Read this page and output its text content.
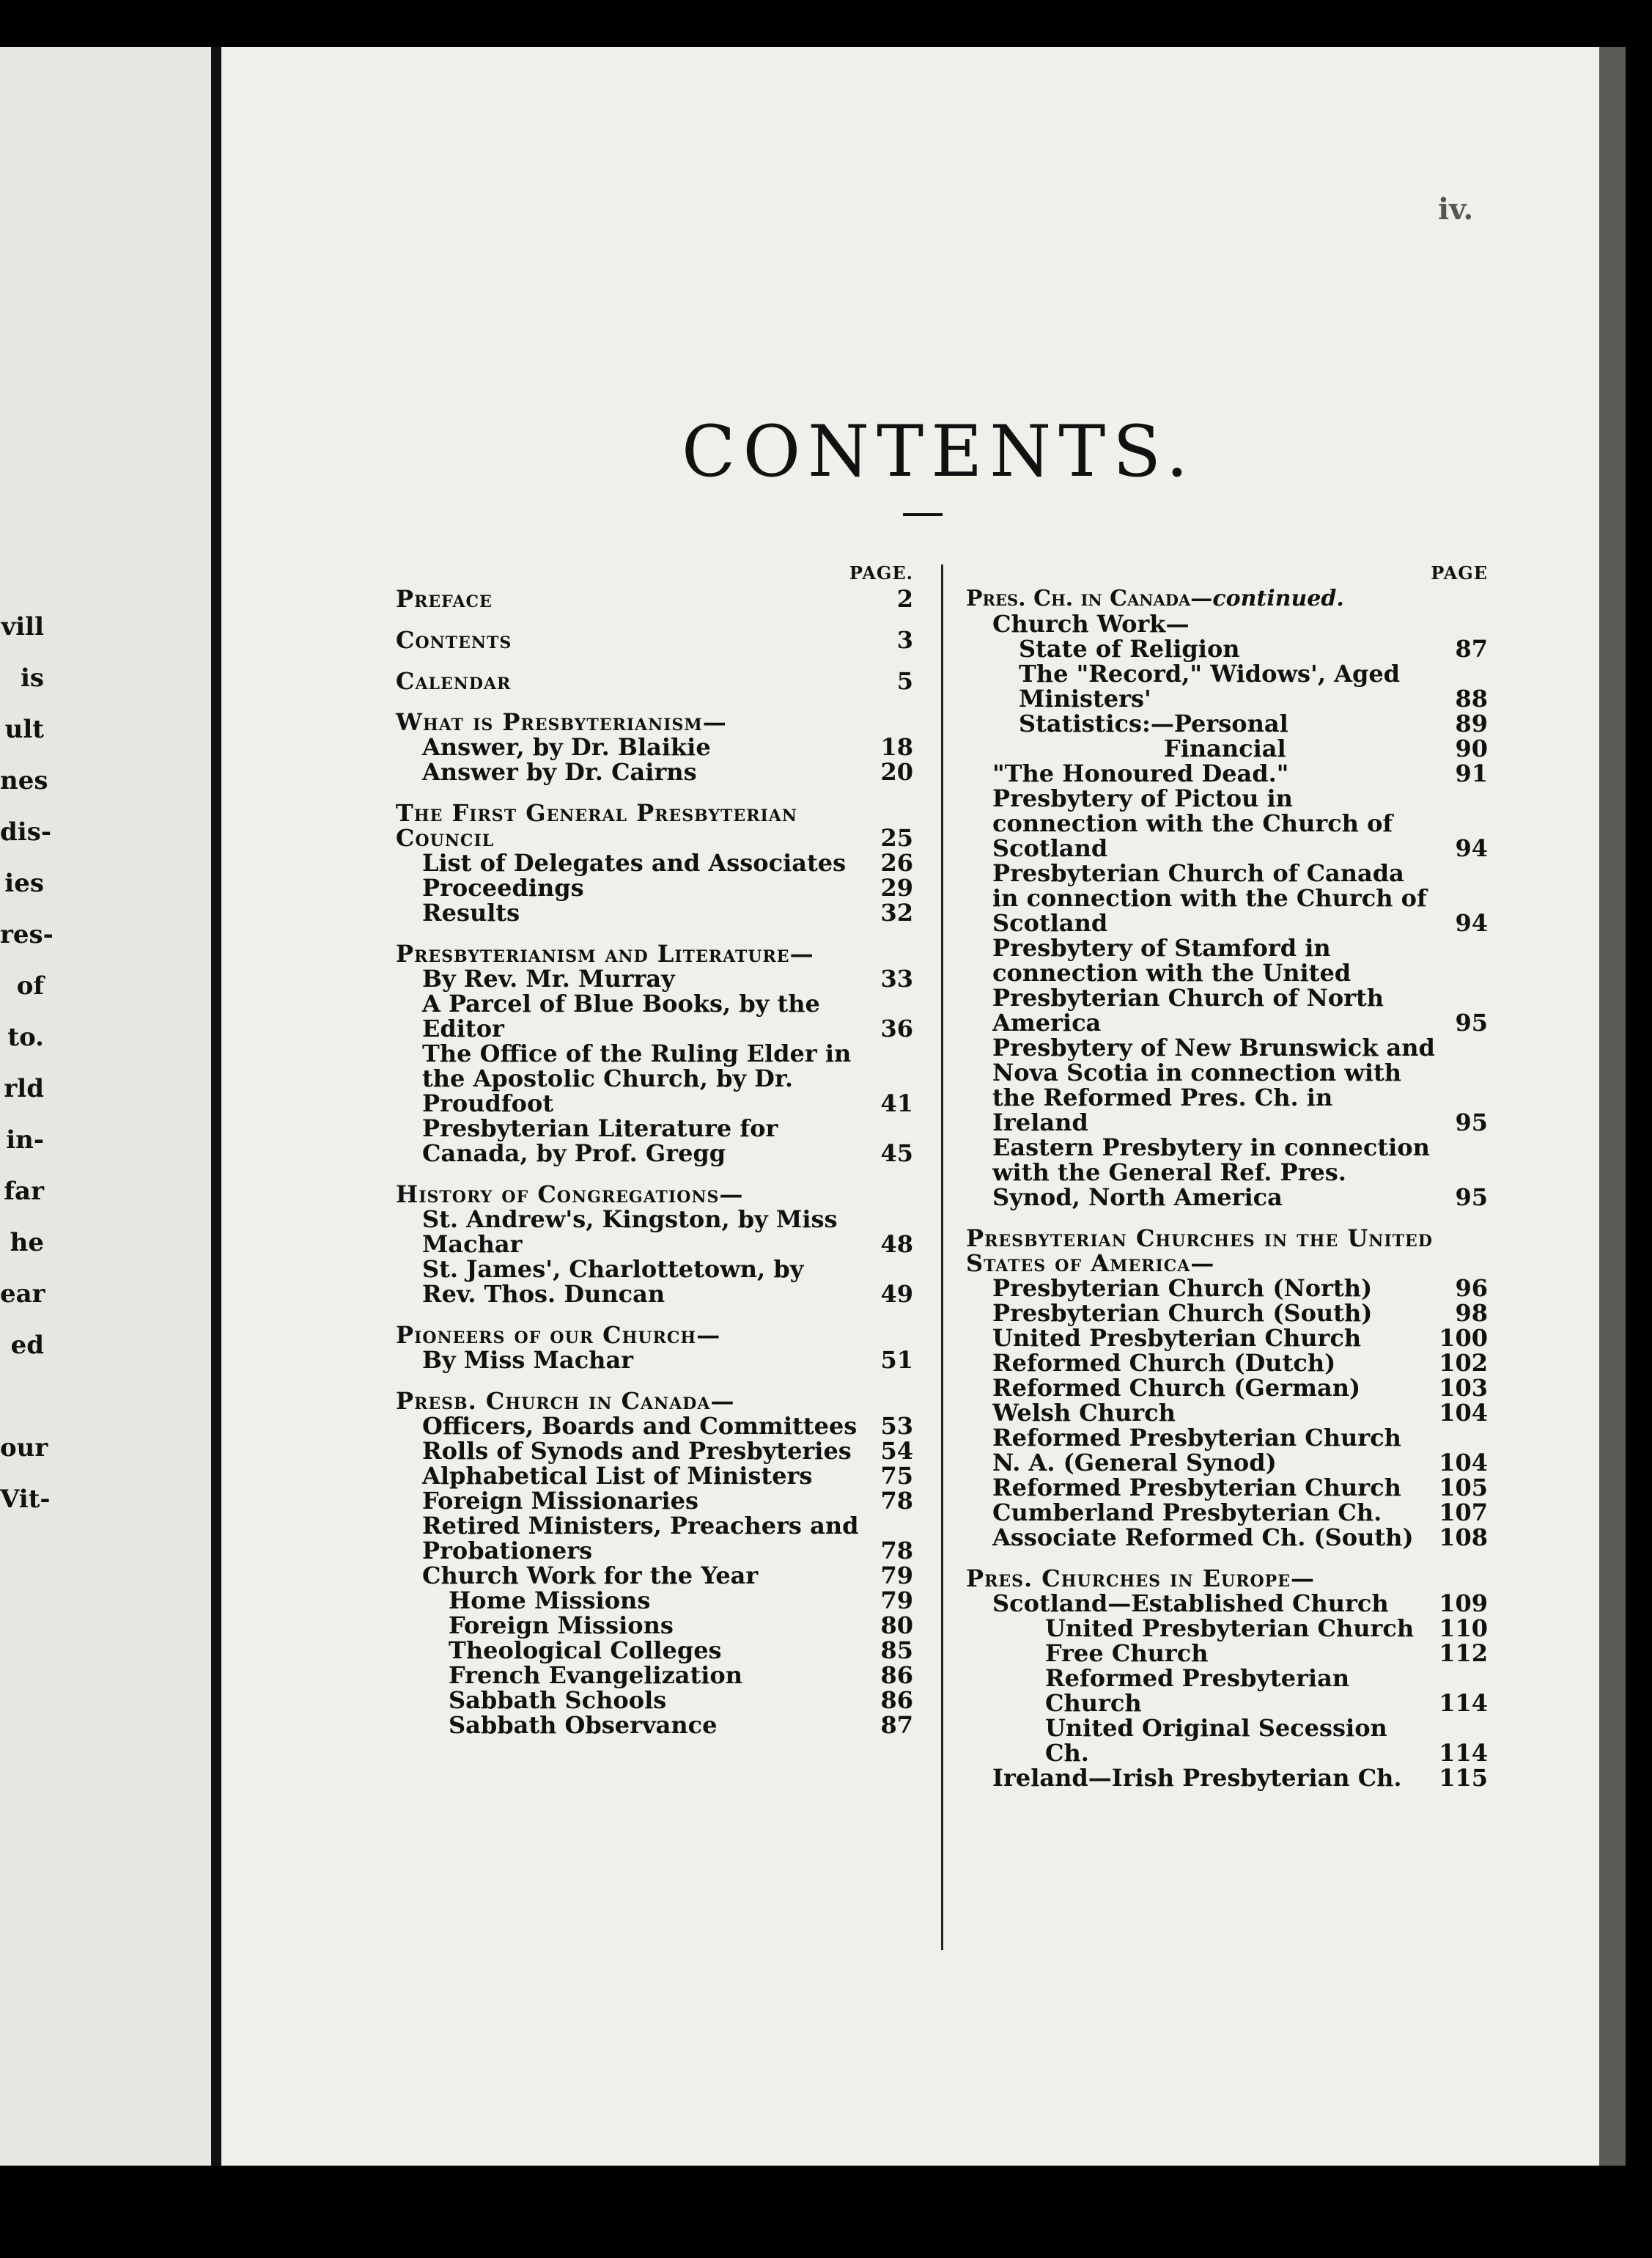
vill
is
ult
nes
dis-
ies
res-
of
to.
rld
in-
far
he
ear
ed
our
Vit-
iv.
CONTENTS.
PAGE.
Preface	2
Contents	3
Calendar	5
What is Presbyterianism—
Answer, by Dr. Blaikie	18
Answer by Dr. Cairns	20
The First General Presbyterian Council	25
List of Delegates and Associates	26
Proceedings	29
Results	32
Presbyterianism and Literature—
By Rev. Mr. Murray	33
A Parcel of Blue Books, by the Editor	36
The Office of the Ruling Elder in the Apostolic Church, by Dr. Proudfoot	41
Presbyterian Literature for Canada, by Prof. Gregg	45
History of Congregations—
St. Andrew's, Kingston, by Miss Machar	48
St. James', Charlottetown, by Rev. Thos. Duncan	49
Pioneers of our Church—
By Miss Machar	51
Presb. Church in Canada—
Officers, Boards and Committees	53
Rolls of Synods and Presbyteries	54
Alphabetical List of Ministers	75
Foreign Missionaries	78
Retired Ministers, Preachers and Probationers	78
Church Work for the Year	79
Home Missions	79
Foreign Missions	80
Theological Colleges	85
French Evangelization	86
Sabbath Schools	86
Sabbath Observance	87
PAGE
Pres. Ch. in Canada—continued.
Church Work—
State of Religion	87
The "Record," Widows', Aged Ministers'	88
Statistics:—Personal	89
Financial	90
"The Honoured Dead."	91
Presbytery of Pictou in connection with the Church of Scotland	94
Presbyterian Church of Canada in connection with the Church of Scotland	94
Presbytery of Stamford in connection with the United Presbyterian Church of North America	95
Presbytery of New Brunswick and Nova Scotia in connection with the Reformed Pres. Ch. in Ireland	95
Eastern Presbytery in connection with the General Ref. Pres. Synod, North America	95
Presbyterian Churches in the United States of America—
Presbyterian Church (North)	96
Presbyterian Church (South)	98
United Presbyterian Church	100
Reformed Church (Dutch)	102
Reformed Church (German)	103
Welsh Church	104
Reformed Presbyterian Church N. A. (General Synod)	104
Reformed Presbyterian Church	105
Cumberland Presbyterian Ch.	107
Associate Reformed Ch. (South)	108
Pres. Churches in Europe—
Scotland—Established Church	109
United Presbyterian Church	110
Free Church	112
Reformed Presbyterian Church	114
United Original Secession Ch.	114
Ireland—Irish Presbyterian Ch.	115
